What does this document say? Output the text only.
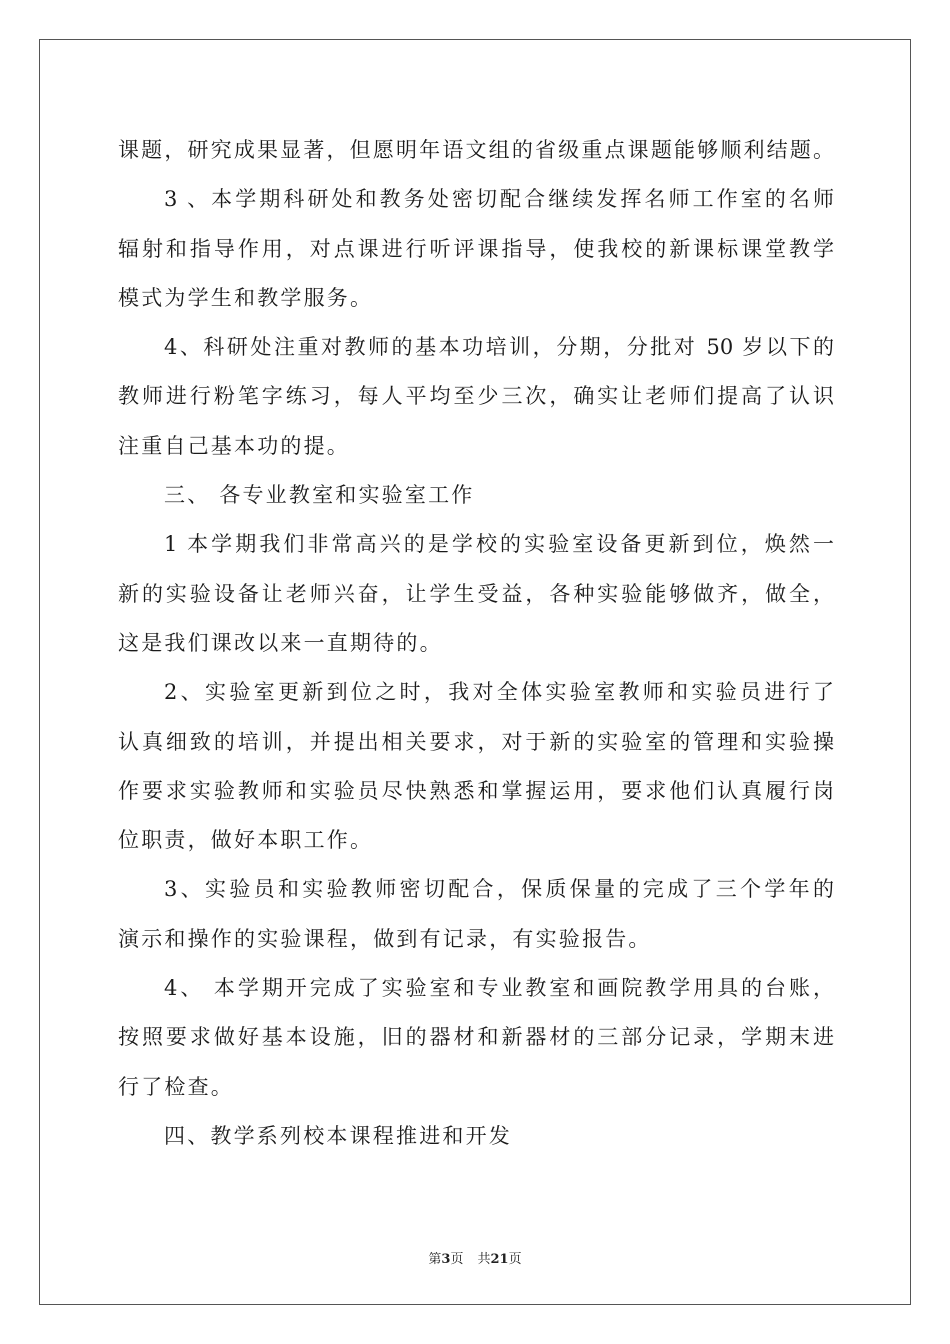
课题，研究成果显著，但愿明年语文组的省级重点课题能够顺利结题。
3 、本学期科研处和教务处密切配合继续发挥名师工作室的名师
辐射和指导作用，对点课进行听评课指导，使我校的新课标课堂教学
模式为学生和教学服务。
4、科研处注重对教师的基本功培训，分期，分批对 50 岁以下的
教师进行粉笔字练习，每人平均至少三次，确实让老师们提高了认识
注重自己基本功的提。
三、 各专业教室和实验室工作
1 本学期我们非常高兴的是学校的实验室设备更新到位，焕然一
新的实验设备让老师兴奋，让学生受益，各种实验能够做齐，做全，
这是我们课改以来一直期待的。
2、实验室更新到位之时，我对全体实验室教师和实验员进行了
认真细致的培训，并提出相关要求，对于新的实验室的管理和实验操
作要求实验教师和实验员尽快熟悉和掌握运用，要求他们认真履行岗
位职责，做好本职工作。
3、实验员和实验教师密切配合，保质保量的完成了三个学年的
演示和操作的实验课程，做到有记录，有实验报告。
4、 本学期开完成了实验室和专业教室和画院教学用具的台账，
按照要求做好基本设施，旧的器材和新器材的三部分记录，学期末进
行了检查。
四、教学系列校本课程推进和开发
第3页 共21页
